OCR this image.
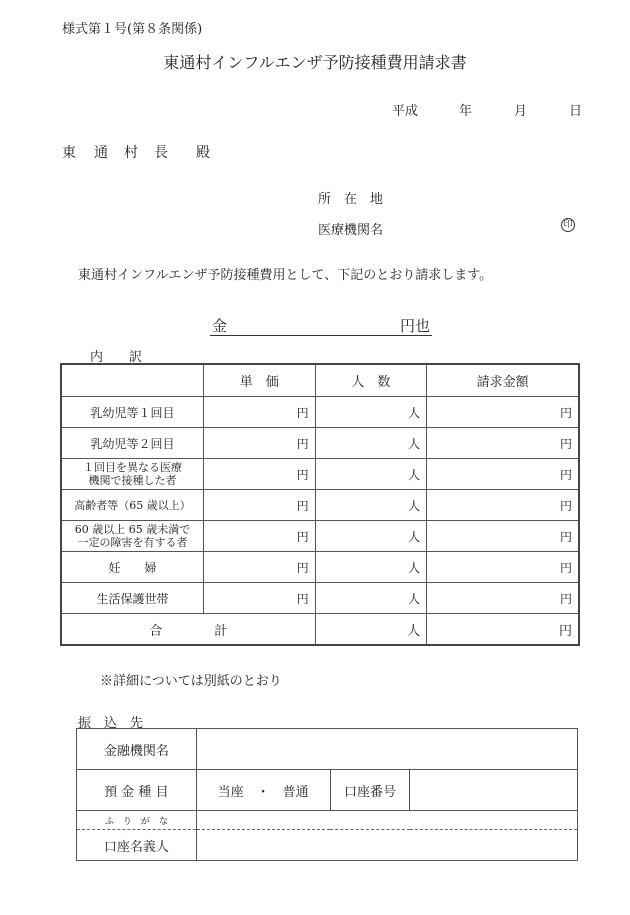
様式第１号(第８条関係)
東通村インフルエンザ予防接種費用請求書
平成	年	月	日
東 通 村 長 殿
所　在　地
医療機関名	印
東通村インフルエンザ予防接種費用として、下記のとおり請求します。
金	円也
内　　訳
	単　価	人　数	請求金額
乳幼児等１回目	円	人	円
乳幼児等２回目	円	人	円
１回目を異なる医療
機関で接種した者	円	人	円
高齢者等（65 歳以上）	円	人	円
60 歳以上 65 歳未満で
一定の障害を有する者	円	人	円
妊　　婦	円	人	円
生活保護世帯	円	人	円
合　　　　計		人	円
※詳細については別紙のとおり
振　込　先
金融機関名			
預 金 種 目	当座　・　普通	口座番号	
ふ　り　が　な			
口座名義人			
